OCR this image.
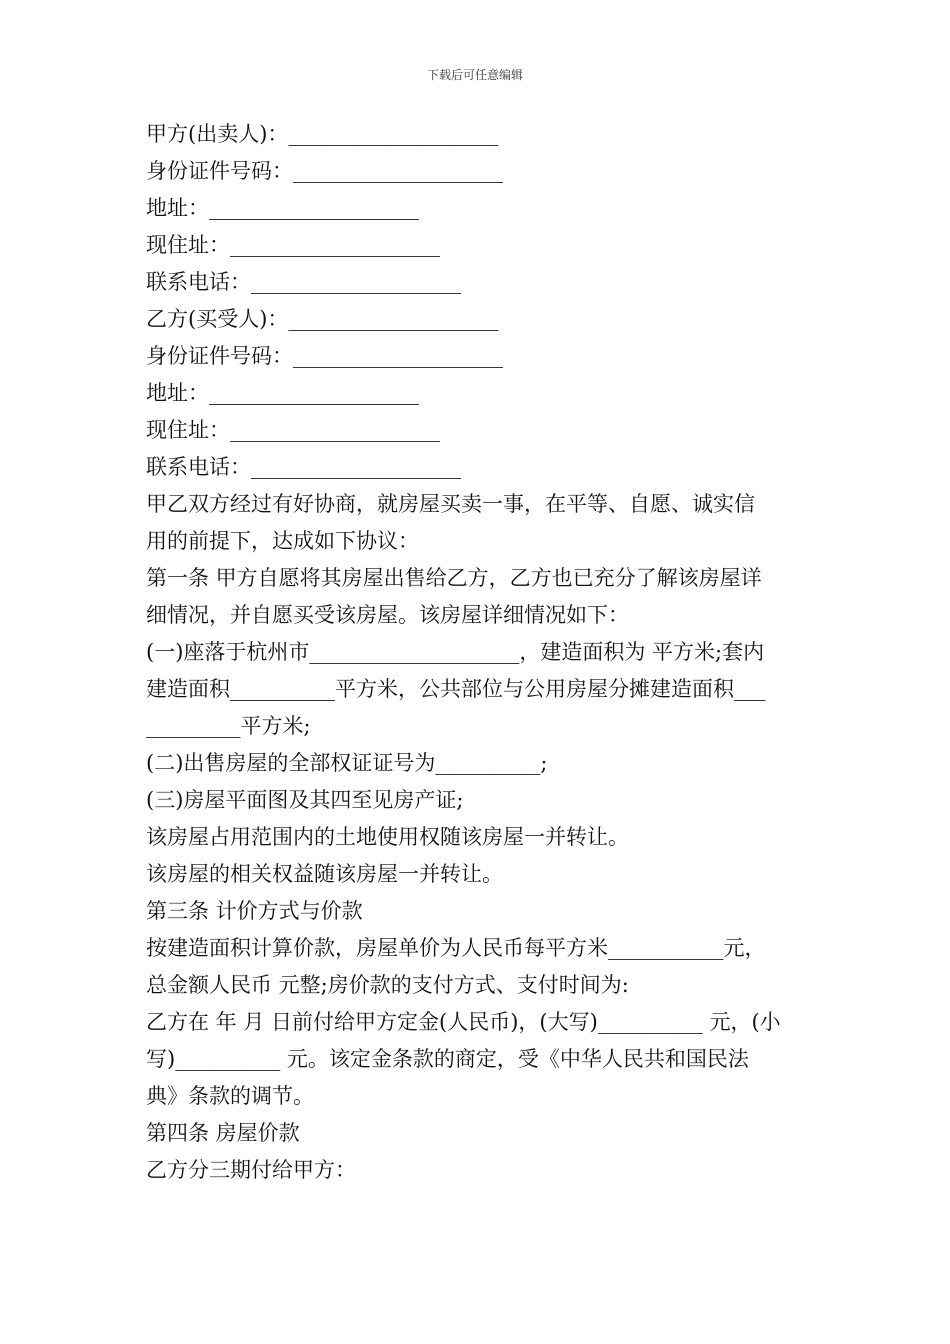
下载后可任意编辑
甲方(出卖人)：____________________
身份证件号码：____________________
地址：____________________
现住址：____________________
联系电话：____________________
乙方(买受人)：____________________
身份证件号码：____________________
地址：____________________
现住址：____________________
联系电话：____________________
甲乙双方经过有好协商，就房屋买卖一事，在平等、自愿、诚实信
用的前提下，达成如下协议：
第一条 甲方自愿将其房屋出售给乙方，乙方也已充分了解该房屋详
细情况，并自愿买受该房屋。该房屋详细情况如下：
(一)座落于杭州市____________________，建造面积为 平方米;套内
建造面积__________平方米，公共部位与公用房屋分摊建造面积___
_________平方米;
(二)出售房屋的全部权证证号为__________;
(三)房屋平面图及其四至见房产证;
该房屋占用范围内的土地使用权随该房屋一并转让。
该房屋的相关权益随该房屋一并转让。
第三条 计价方式与价款
按建造面积计算价款，房屋单价为人民币每平方米___________元，
总金额人民币 元整;房价款的支付方式、支付时间为:
乙方在 年 月 日前付给甲方定金(人民币)，(大写)__________ 元，(小
写)__________ 元。该定金条款的商定，受《中华人民共和国民法
典》条款的调节。
第四条 房屋价款
乙方分三期付给甲方：
